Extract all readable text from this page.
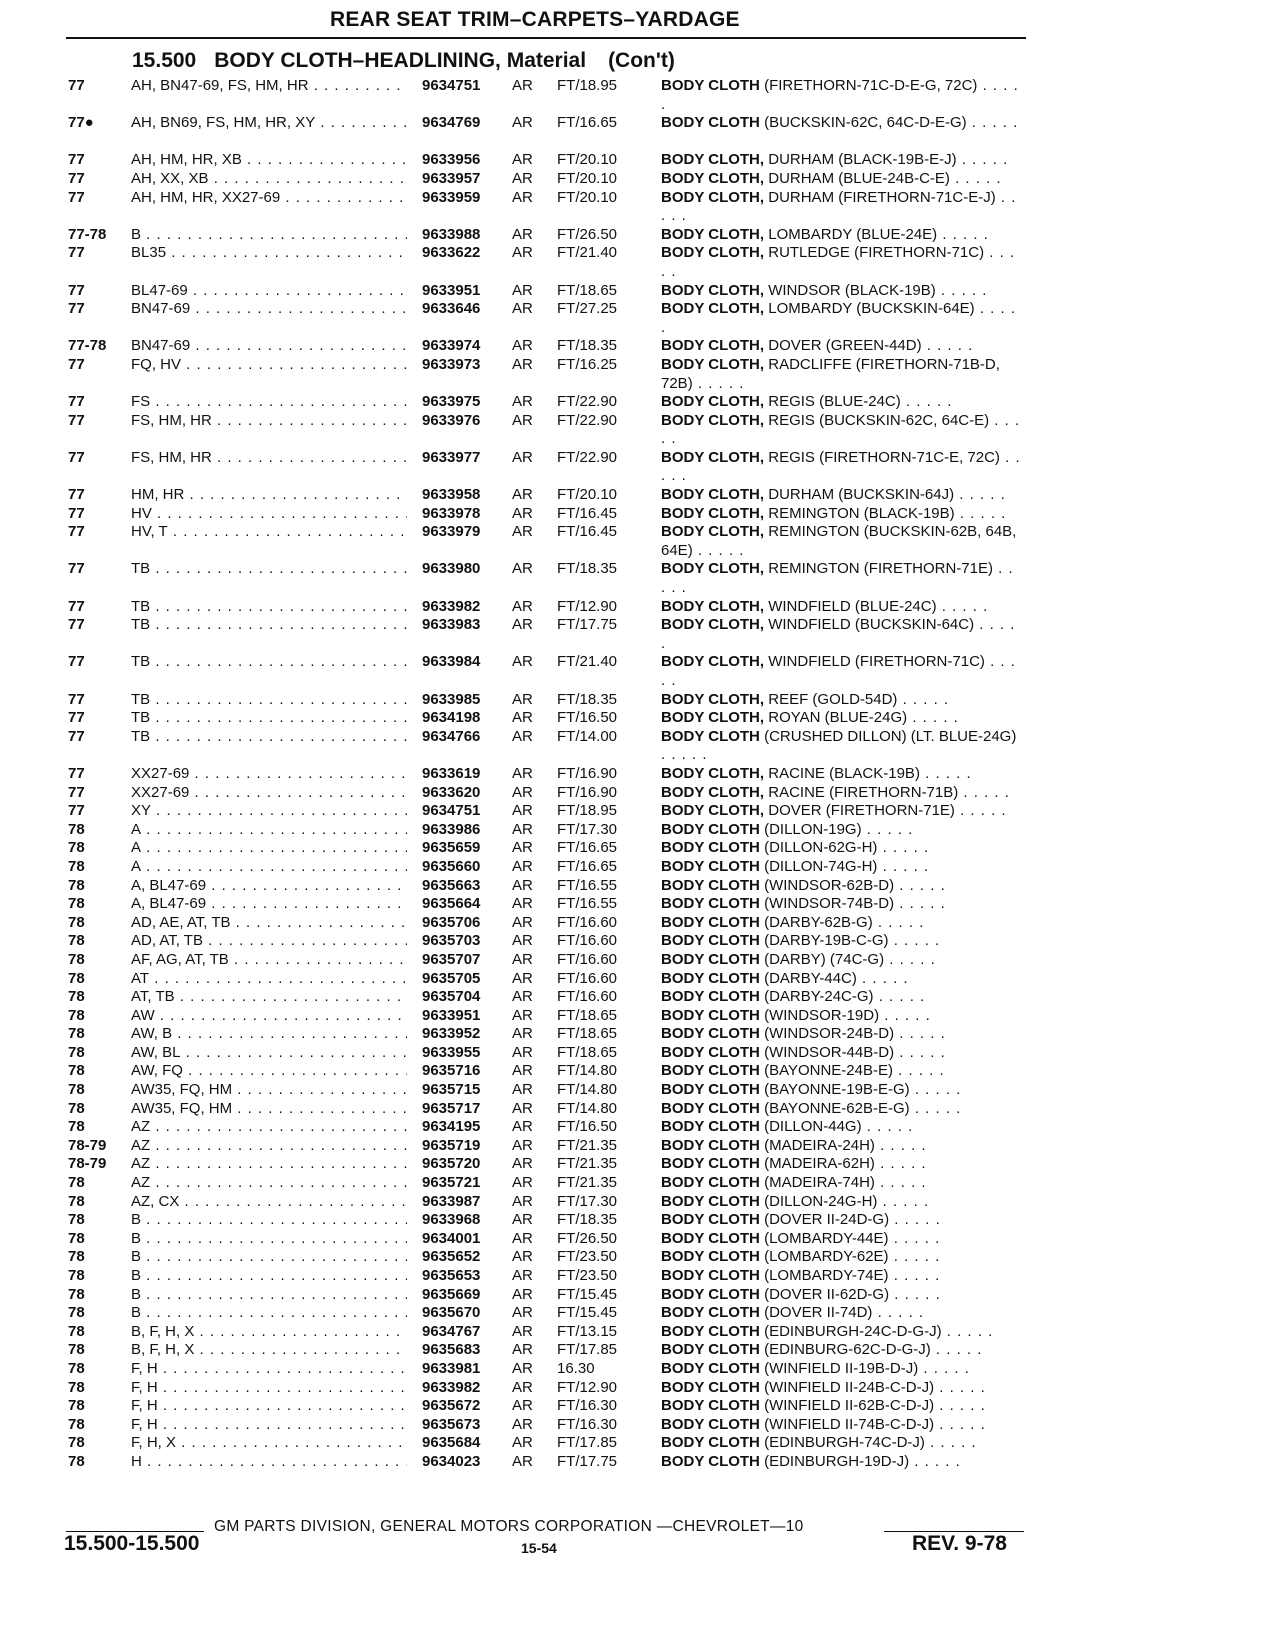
REAR SEAT TRIM–CARPETS–YARDAGE
15.500 BODY CLOTH–HEADLINING, Material (Con't)
77	AH, BN47-69, FS, HM, HR . . .	9634751 AR FT/18.95	BODY CLOTH (FIRETHORN-71C-D-E-G, 72C) . . . . .
77● AH, BN69, FS, HM, HR, XY . . .	9634769 AR FT/16.65	BODY CLOTH (BUCKSKIN-62C, 64C-D-E-G) . . . . .
77	AH, HM, HR, XB . . .	9633956 AR FT/20.10	BODY CLOTH, DURHAM (BLACK-19B-E-J) . . . . .
77	AH, XX, XB . . .	9633957 AR FT/20.10	BODY CLOTH, DURHAM (BLUE-24B-C-E) . . . . .
77	AH, HM, HR, XX27-69 . . .	9633959 AR FT/20.10	BODY CLOTH, DURHAM (FIRETHORN-71C-E-J) . . . . .
77-78 B . . .	9633988 AR FT/26.50	BODY CLOTH, LOMBARDY (BLUE-24E) . . . . .
77	BL35 . . .	9633622 AR FT/21.40	BODY CLOTH, RUTLEDGE (FIRETHORN-71C) . . . . .
77	BL47-69 . . .	9633951 AR FT/18.65	BODY CLOTH, WINDSOR (BLACK-19B) . . . . .
77	BN47-69 . . .	9633646 AR FT/27.25	BODY CLOTH, LOMBARDY (BUCKSKIN-64E) . . . . .
77-78 BN47-69 . . .	9633974 AR FT/18.35	BODY CLOTH, DOVER (GREEN-44D) . . . . .
77	FQ, HV . . .	9633973 AR FT/16.25	BODY CLOTH, RADCLIFFE (FIRETHORN-71B-D, 72B) . . . . .
77	FS . . .	9633975 AR FT/22.90	BODY CLOTH, REGIS (BLUE-24C) . . . . .
77	FS, HM, HR . . .	9633976 AR FT/22.90	BODY CLOTH, REGIS (BUCKSKIN-62C, 64C-E) . . . . .
77	FS, HM, HR . . .	9633977 AR FT/22.90	BODY CLOTH, REGIS (FIRETHORN-71C-E, 72C) . . . . .
77	HM, HR . . .	9633958 AR FT/20.10	BODY CLOTH, DURHAM (BUCKSKIN-64J) . . . . .
77	HV . . .	9633978 AR FT/16.45	BODY CLOTH, REMINGTON (BLACK-19B) . . . . .
77	HV, T . . .	9633979 AR FT/16.45	BODY CLOTH, REMINGTON (BUCKSKIN-62B, 64B, 64E) . . . . .
77	TB . . .	9633980 AR FT/18.35	BODY CLOTH, REMINGTON (FIRETHORN-71E) . . . . .
77	TB . . .	9633982 AR FT/12.90	BODY CLOTH, WINDFIELD (BLUE-24C) . . . . .
77	TB . . .	9633983 AR FT/17.75	BODY CLOTH, WINDFIELD (BUCKSKIN-64C) . . . . .
77	TB . . .	9633984 AR FT/21.40	BODY CLOTH, WINDFIELD (FIRETHORN-71C) . . . . .
77	TB . . .	9633985 AR FT/18.35	BODY CLOTH, REEF (GOLD-54D) . . . . .
77	TB . . .	9634198 AR FT/16.50	BODY CLOTH, ROYAN (BLUE-24G) . . . . .
77	TB . . .	9634766 AR FT/14.00	BODY CLOTH (CRUSHED DILLON) (LT. BLUE-24G) . . . . .
77	XX27-69 . . .	9633619 AR FT/16.90	BODY CLOTH, RACINE (BLACK-19B) . . . . .
77	XX27-69 . . .	9633620 AR FT/16.90	BODY CLOTH, RACINE (FIRETHORN-71B) . . . . .
77	XY . . .	9634751 AR FT/18.95	BODY CLOTH, DOVER (FIRETHORN-71E) . . . . .
78	A . . .	9633986 AR FT/17.30	BODY CLOTH (DILLON-19G) . . . . .
78	A . . .	9635659 AR FT/16.65	BODY CLOTH (DILLON-62G-H) . . . . .
78	A . . .	9635660 AR FT/16.65	BODY CLOTH (DILLON-74G-H) . . . . .
78	A, BL47-69 . . .	9635663 AR FT/16.55	BODY CLOTH (WINDSOR-62B-D) . . . . .
78	A, BL47-69 . . .	9635664 AR FT/16.55	BODY CLOTH (WINDSOR-74B-D) . . . . .
78	AD, AE, AT, TB . . .	9635706 AR FT/16.60	BODY CLOTH (DARBY-62B-G) . . . . .
78	AD, AT, TB . . .	9635703 AR FT/16.60	BODY CLOTH (DARBY-19B-C-G) . . . . .
78	AF, AG, AT, TB . . .	9635707 AR FT/16.60	BODY CLOTH (DARBY) (74C-G) . . . . .
78	AT . . .	9635705 AR FT/16.60	BODY CLOTH (DARBY-44C) . . . . .
78	AT, TB . . .	9635704 AR FT/16.60	BODY CLOTH (DARBY-24C-G) . . . . .
78	AW . . .	9633951 AR FT/18.65	BODY CLOTH (WINDSOR-19D) . . . . .
78	AW, B . . .	9633952 AR FT/18.65	BODY CLOTH (WINDSOR-24B-D) . . . . .
78	AW, BL . . .	9633955 AR FT/18.65	BODY CLOTH (WINDSOR-44B-D) . . . . .
78	AW, FQ . . .	9635716 AR FT/14.80	BODY CLOTH (BAYONNE-24B-E) . . . . .
78	AW35, FQ, HM . . .	9635715 AR FT/14.80	BODY CLOTH (BAYONNE-19B-E-G) . . . . .
78	AW35, FQ, HM . . .	9635717 AR FT/14.80	BODY CLOTH (BAYONNE-62B-E-G) . . . . .
78	AZ . . .	9634195 AR FT/16.50	BODY CLOTH (DILLON-44G) . . . . .
78-79 AZ . . .	9635719 AR FT/21.35	BODY CLOTH (MADEIRA-24H) . . . . .
78-79 AZ . . .	9635720 AR FT/21.35	BODY CLOTH (MADEIRA-62H) . . . . .
78	AZ . . .	9635721 AR FT/21.35	BODY CLOTH (MADEIRA-74H) . . . . .
78	AZ, CX . . .	9633987 AR FT/17.30	BODY CLOTH (DILLON-24G-H) . . . . .
78	B . . .	9633968 AR FT/18.35	BODY CLOTH (DOVER II-24D-G) . . . . .
78	B . . .	9634001 AR FT/26.50	BODY CLOTH (LOMBARDY-44E) . . . . .
78	B . . .	9635652 AR FT/23.50	BODY CLOTH (LOMBARDY-62E) . . . . .
78	B . . .	9635653 AR FT/23.50	BODY CLOTH (LOMBARDY-74E) . . . . .
78	B . . .	9635669 AR FT/15.45	BODY CLOTH (DOVER II-62D-G) . . . . .
78	B . . .	9635670 AR FT/15.45	BODY CLOTH (DOVER II-74D) . . . . .
78	B, F, H, X . . .	9634767 AR FT/13.15	BODY CLOTH (EDINBURGH-24C-D-G-J) . . . . .
78	B, F, H, X . . .	9635683 AR FT/17.85	BODY CLOTH (EDINBURG-62C-D-G-J) . . . . .
78	F, H . . .	9633981 AR 16.30	BODY CLOTH (WINFIELD II-19B-D-J) . . . . .
78	F, H . . .	9633982 AR FT/12.90	BODY CLOTH (WINFIELD II-24B-C-D-J) . . . . .
78	F, H . . .	9635672 AR FT/16.30	BODY CLOTH (WINFIELD II-62B-C-D-J) . . . . .
78	F, H . . .	9635673 AR FT/16.30	BODY CLOTH (WINFIELD II-74B-C-D-J) . . . . .
78	F, H, X . . .	9635684 AR FT/17.85	BODY CLOTH (EDINBURGH-74C-D-J) . . . . .
78	H . . .	9634023 AR FT/17.75	BODY CLOTH (EDINBURGH-19D-J) . . . . .
GM PARTS DIVISION, GENERAL MOTORS CORPORATION —CHEVROLET—10
15.500-15.500	15-54	REV. 9-78
